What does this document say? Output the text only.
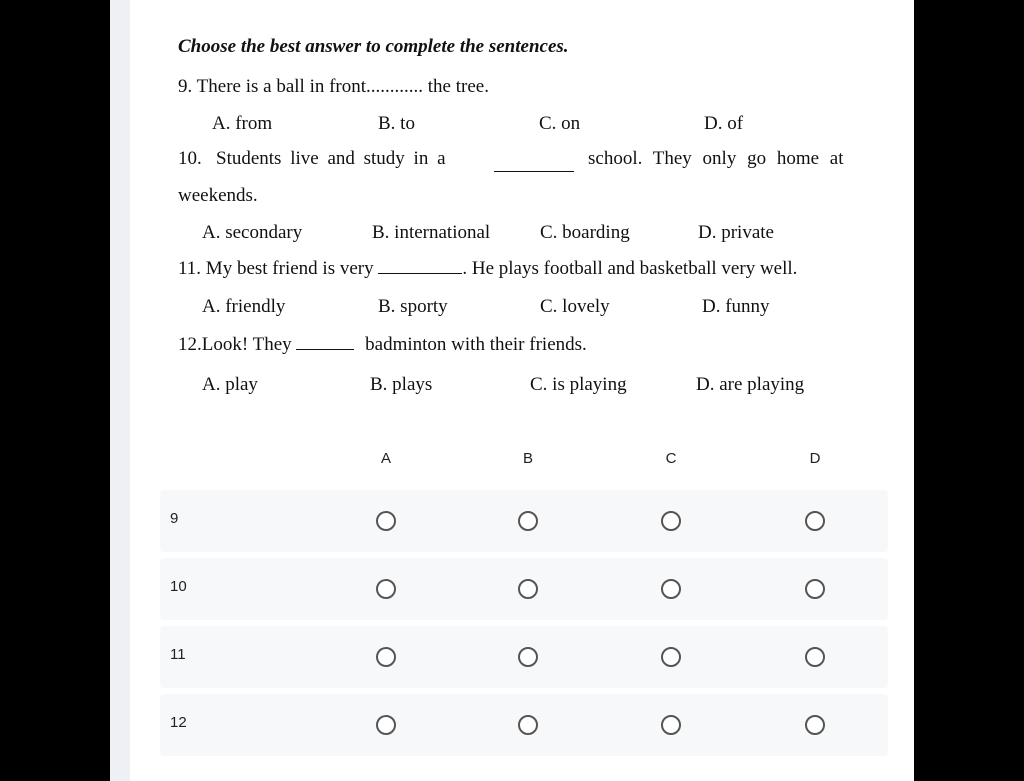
Choose the best answer to complete the sentences.
9. There is a ball in front............ the tree.
A. from	B. to	C. on	D. of
10. Students live and study in a	school. They only go home at
weekends.
A. secondary	B. international	C. boarding	D. private
11. My best friend is very	. He plays football and basketball very well.
A. friendly	B. sporty	C. lovely	D. funny
12.Look! They	badminton with their friends.
A. play	B. plays	C. is playing	D. are playing
A	B	C	D
9
10
11
12
